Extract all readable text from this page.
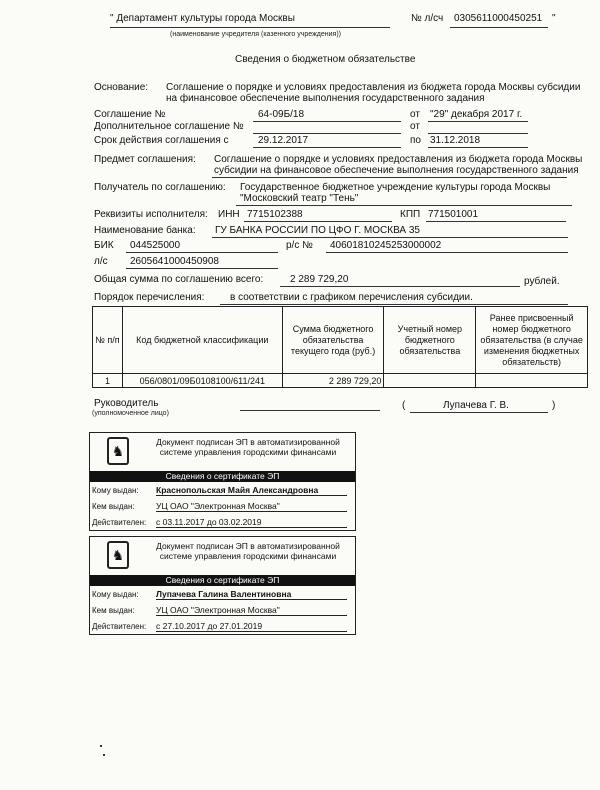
" Департамент культуры города Москвы	№ л/сч 0305611000450251 "
(наименование учредителя (казенного учреждения))
Сведения о бюджетном обязательстве
Основание: Соглашение о порядке и условиях предоставления из бюджета города Москвы субсидии
на финансовое обеспечение выполнения государственного задания
Соглашение №	64-09Б/18	от "29" декабря 2017 г.
Дополнительное соглашение №	от
Срок действия соглашения с	29.12.2017	по 31.12.2018
Предмет соглашения: Соглашение о порядке и условиях предоставления из бюджета города Москвы
субсидии на финансовое обеспечение выполнения государственного задания
Получатель по соглашению: Государственное бюджетное учреждение культуры города Москвы
"Московский театр "Тень"
Реквизиты исполнителя: ИНН 7715102388	КПП 771501001
Наименование банка: ГУ БАНКА РОССИИ ПО ЦФО Г. МОСКВА 35
БИК 044525000	р/с № 40601810245253000002
л/с 2605641000450908
Общая сумма по соглашению всего:	2 289 729,20	рублей.
Порядок перечисления:	в соответствии с графиком перечисления субсидии.
№ п/п	Код бюджетной классификации	Сумма бюджетного обязательства текущего года (руб.)	Учетный номер бюджетного обязательства	Ранее присвоенный номер бюджетного обязательства (в случае изменения бюджетных обязательств)
1	056/0801/09Б0108100/611/241	2 289 729,20		
Руководитель
(уполномоченное лицо)
(	Лупачева Г. В.	)
♞
Документ подписан ЭП в автоматизированной системе управления городскими финансами
Сведения о сертификате ЭП
Кому выдан: Краснопольская Майя Александровна
Кем выдан:	УЦ ОАО "Электронная Москва"
Действителен: с 03.11.2017 до 03.02.2019
♞
Документ подписан ЭП в автоматизированной системе управления городскими финансами
Сведения о сертификате ЭП
Кому выдан: Лупачева Галина Валентиновна
Кем выдан:	УЦ ОАО "Электронная Москва"
Действителен: с 27.10.2017 до 27.01.2019
